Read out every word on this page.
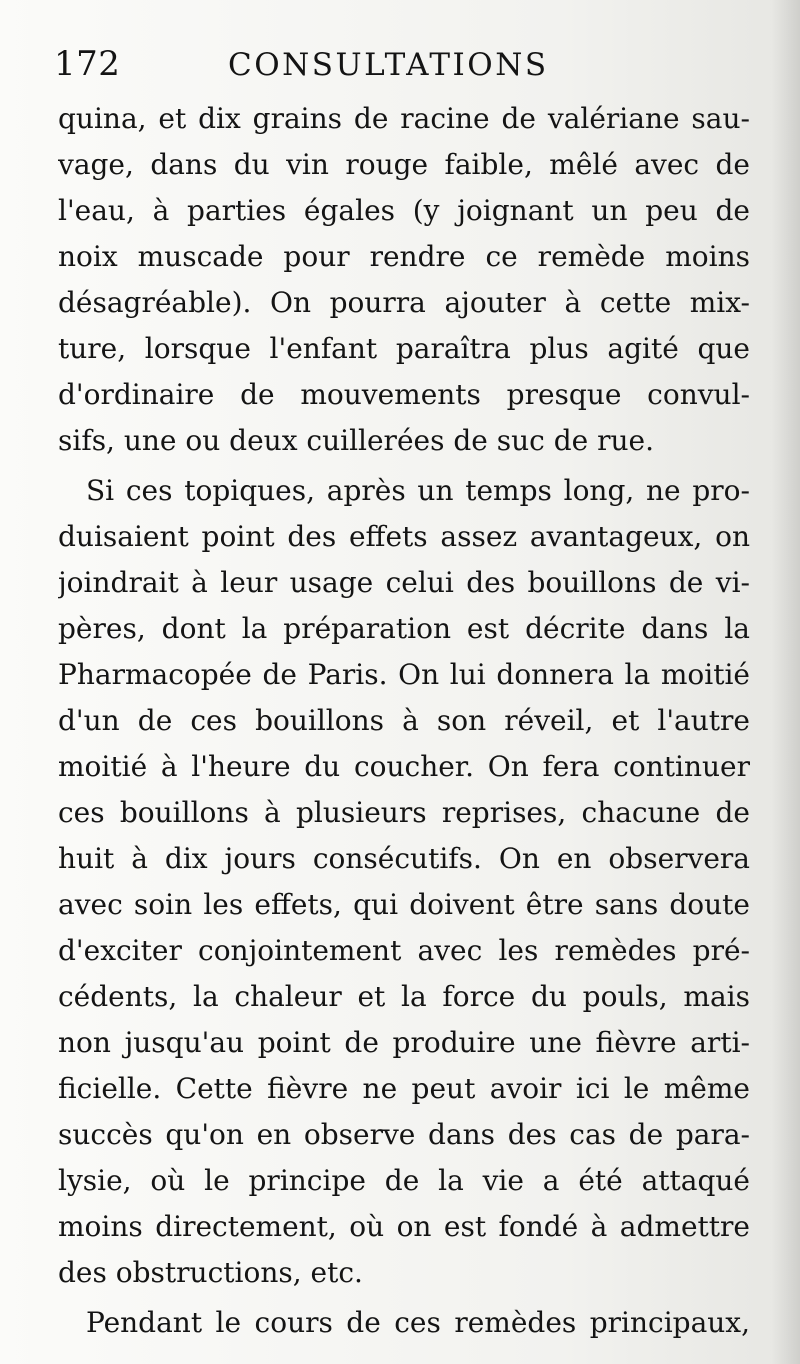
172	CONSULTATIONS
quina, et dix grains de racine de valériane sau-
vage, dans du vin rouge faible, mêlé avec de
l'eau, à parties égales (y joignant un peu de
noix muscade pour rendre ce remède moins
désagréable). On pourra ajouter à cette mix-
ture, lorsque l'enfant paraîtra plus agité que
d'ordinaire de mouvements presque convul-
sifs, une ou deux cuillerées de suc de rue.
Si ces topiques, après un temps long, ne pro-
duisaient point des effets assez avantageux, on
joindrait à leur usage celui des bouillons de vi-
pères, dont la préparation est décrite dans la
Pharmacopée de Paris. On lui donnera la moitié
d'un de ces bouillons à son réveil, et l'autre
moitié à l'heure du coucher. On fera continuer
ces bouillons à plusieurs reprises, chacune de
huit à dix jours consécutifs. On en observera
avec soin les effets, qui doivent être sans doute
d'exciter conjointement avec les remèdes pré-
cédents, la chaleur et la force du pouls, mais
non jusqu'au point de produire une fièvre arti-
ficielle. Cette fièvre ne peut avoir ici le même
succès qu'on en observe dans des cas de para-
lysie, où le principe de la vie a été attaqué
moins directement, où on est fondé à admettre
des obstructions, etc.
Pendant le cours de ces remèdes principaux,
